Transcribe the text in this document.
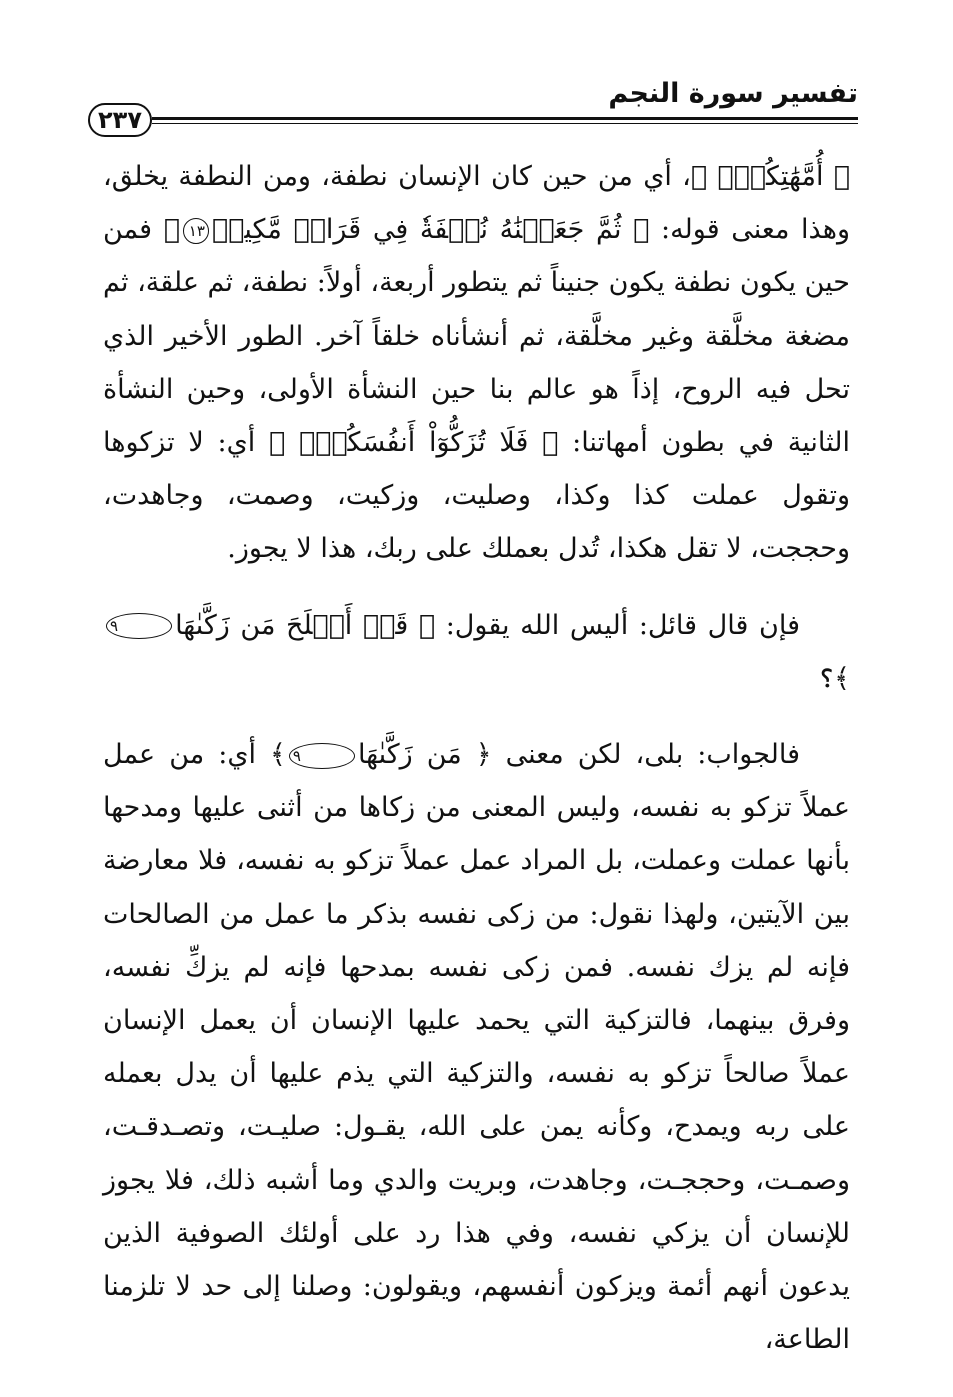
تفسير سورة النجم
٢٣٧

﴿ أُمَّهَٰتِكُمۡۖ ﴾، أي من حين كان الإنسان نطفة، ومن النطفة يخلق، وهذا معنى قوله: ﴿ ثُمَّ جَعَلۡنَٰهُ نُطۡفَةٗ فِي قَرَارٖ مَّكِينٖ١٣﴾ فمن حين يكون نطفة يكون جنيناً ثم يتطور أربعة، أولاً: نطفة، ثم علقة، ثم مضغة مخلَّقة وغير مخلَّقة، ثم أنشأناه خلقاً آخر. الطور الأخير الذي تحل فيه الروح، إذاً هو عالم بنا حين النشأة الأولى، وحين النشأة الثانية في بطون أمهاتنا: ﴿ فَلَا تُزَكُّوٓاْ أَنفُسَكُمۡۖ ﴾ أي: لا تزكوها وتقول عملت كذا وكذا، وصليت، وزكيت، وصمت، وجاهدت، وحججت، لا تقل هكذا، تُدل بعملك على ربك، هذا لا يجوز.

فإن قال قائل: أليس الله يقول: ﴿ قَدۡ أَفۡلَحَ مَن زَكَّىٰهَا٩﴾؟

فالجواب: بلى، لكن معنى ﴿ مَن زَكَّىٰهَا٩﴾ أي: من عمل عملاً تزكو به نفسه، وليس المعنى من زكاها من أثنى عليها ومدحها بأنها عملت وعملت، بل المراد عمل عملاً تزكو به نفسه، فلا معارضة بين الآيتين، ولهذا نقول: من زكى نفسه بذكر ما عمل من الصالحات فإنه لم يزك نفسه. فمن زكى نفسه بمدحها فإنه لم يزكِّ نفسه، وفرق بينهما، فالتزكية التي يحمد عليها الإنسان أن يعمل الإنسان عملاً صالحاً تزكو به نفسه، والتزكية التي يذم عليها أن يدل بعمله على ربه ويمدح، وكأنه يمن على الله، يقـول: صليـت، وتصـدقـت، وصمـت، وحججـت، وجاهدت، وبريت والدي وما أشبه ذلك، فلا يجوز للإنسان أن يزكي نفسه، وفي هذا رد على أولئك الصوفية الذين يدعون أنهم أئمة ويزكون أنفسهم، ويقولون: وصلنا إلى حد لا تلزمنا الطاعة،
